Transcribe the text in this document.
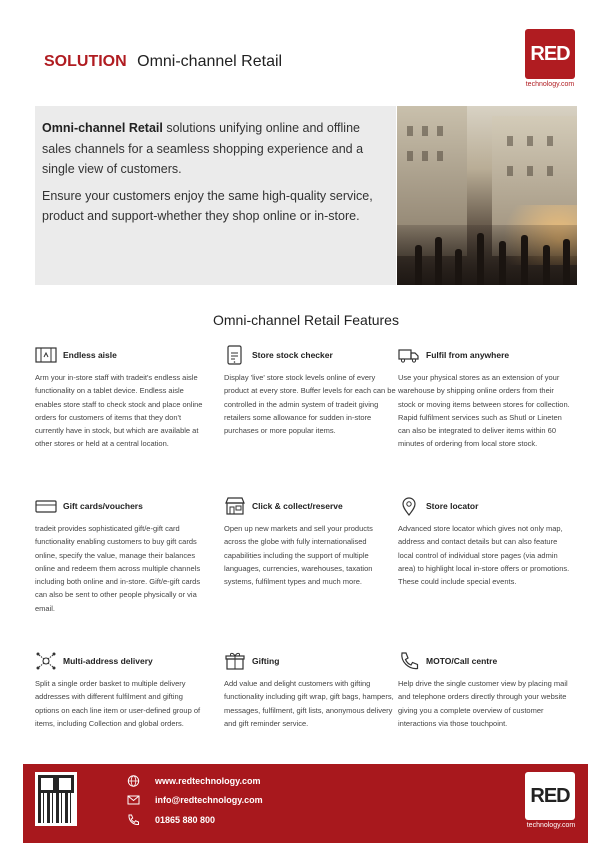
SOLUTION Omni-channel Retail	RED
technology.com

Omni-channel Retail solutions unifying online and offline sales channels for a seamless shopping experience and a single view of customers.

Ensure your customers enjoy the same high-quality service, product and support-whether they shop online or in-store.

Omni-channel Retail Features
Endless aisle
Arm your in-store staff with tradeit's endless aisle functionality on a tablet device. Endless aisle enables store staff to check stock and place online orders for customers of items that they don't currently have in stock, but which are available at other stores or held at a central location.
Store stock checker
Display 'live' store stock levels online of every product at every store. Buffer levels for each can be controlled in the admin system of tradeit giving retailers some allowance for sudden in-store purchases or more popular items.
Fulfil from anywhere
Use your physical stores as an extension of your warehouse by shipping online orders from their stock or moving items between stores for collection. Rapid fulfilment services such as Shutl or Lineten can also be integrated to deliver items within 60 minutes of ordering from local store stock.
Gift cards/vouchers
tradeit provides sophisticated gift/e-gift card functionality enabling customers to buy gift cards online, specify the value, manage their balances online and redeem them across multiple channels including both online and in-store. Gift/e-gift cards can also be sent to other people physically or via email.
Click & collect/reserve
Open up new markets and sell your products across the globe with fully internationalised capabilities including the support of multiple languages, currencies, warehouses, taxation systems, fulfilment types and much more.
Store locator
Advanced store locator which gives not only map, address and contact details but can also feature local control of individual store pages (via admin area) to highlight local in-store offers or promotions. These could include special events.
Multi-address delivery
Split a single order basket to multiple delivery addresses with different fulfilment and gifting options on each line item or user-defined group of items, including Collection and global orders.
Gifting
Add value and delight customers with gifting functionality including gift wrap, gift bags, hampers, messages, fulfilment, gift lists, anonymous delivery and gift reminder service.
MOTO/Call centre
Help drive the single customer view by placing mail and telephone orders directly through your website giving you a complete overview of customer interactions via those touchpoint.
www.redtechnology.com
info@redtechnology.com
01865 880 800
RED
technology.com
